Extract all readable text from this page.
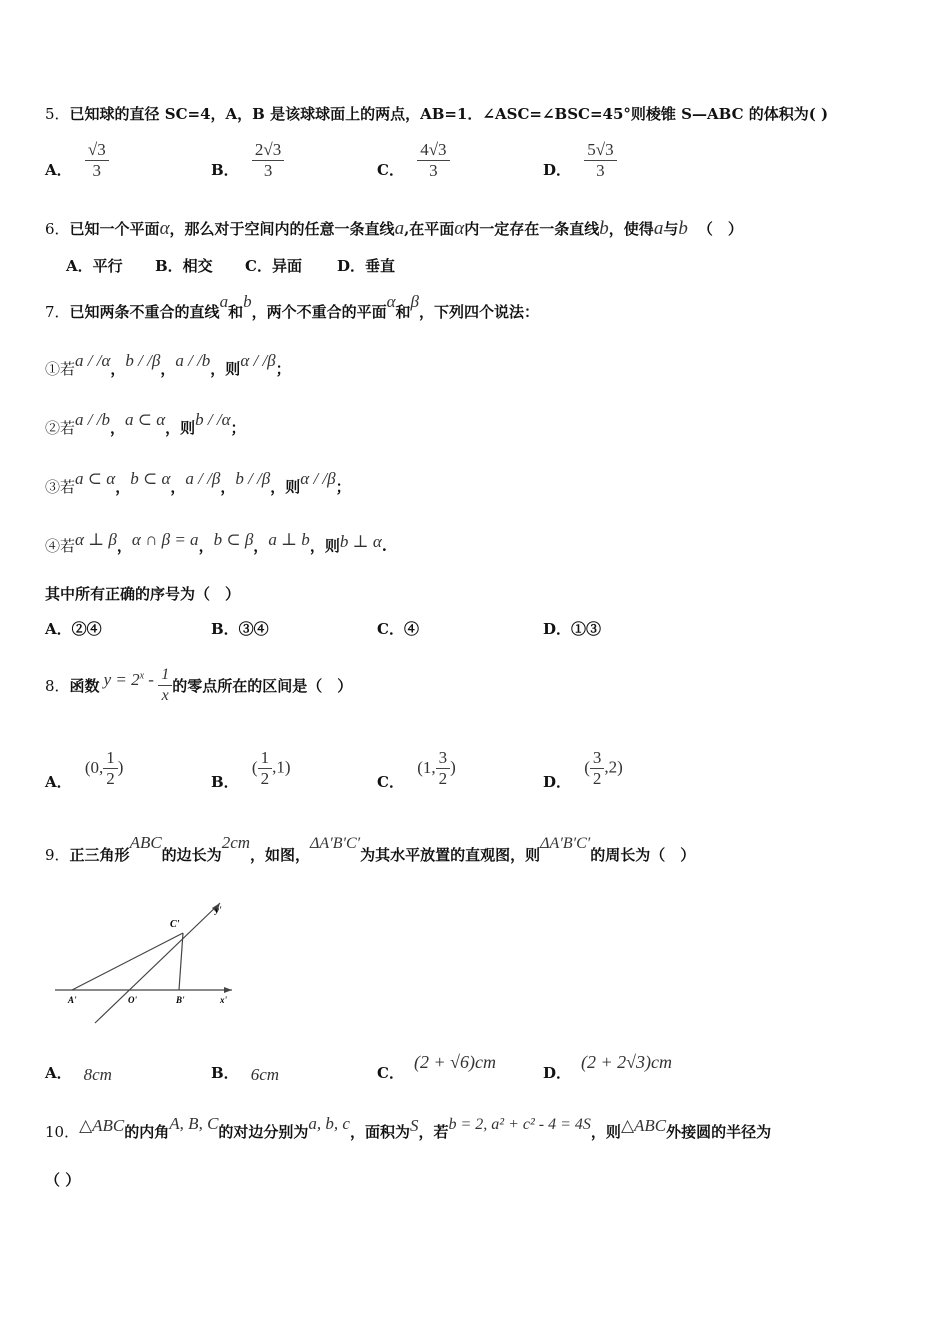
5．已知球的直径 SC=4，A，B 是该球球面上的两点，AB=1．∠ASC=∠BSC=45°则棱锥 S—ABC 的体积为( )
A． $\frac{√3}{3}$	B． $\frac{2√3}{3}$	C． $\frac{4√3}{3}$	D． $\frac{5√3}{3}$
6．已知一个平面α，那么对于空间内的任意一条直线a,在平面α内一定存在一条直线b，使得a与b （　）
A．平行 B．相交 C．异面 D．垂直
7．已知两条不重合的直线a和b，两个不重合的平面α和β，下列四个说法：
①若a / /α，b / /β，a / /b，则α / /β；
②若a / /b，a ⊂ α，则b / /α；
③若a ⊂ α，b ⊂ α，a / /β，b / /β，则α / /β；
④若α ⊥ β，α ∩ β = a，b ⊂ β，a ⊥ b，则b ⊥ α.
其中所有正确的序号为（　）
A．②④	B．③④	C．④	D．①③
8．函数 $y = 2^x - \frac{1}{x}$ 的零点所在的区间是（　）
A． (0, $\frac{1}{2}$ )
B． ( $\frac{1}{2} ,1$)
C． (1, $\frac{3}{2}$ )
D． ( $\frac{3}{2} ,2$)
9．正三角形ABC的边长为2cm，如图，ΔA′B′C′为其水平放置的直观图，则ΔA′B′C′的周长为（　）
C'
y'
A'	O'	B'	x'
A． 8cm	B． 6cm	C．(2 + √6)cm
D．(2 + 2√3)cm
10．△ABC的内角A, B, C的对边分别为a, b, c，面积为S，若b = 2, a² + c² - 4 = 4S，则△ABC外接圆的半径为
（ ）
